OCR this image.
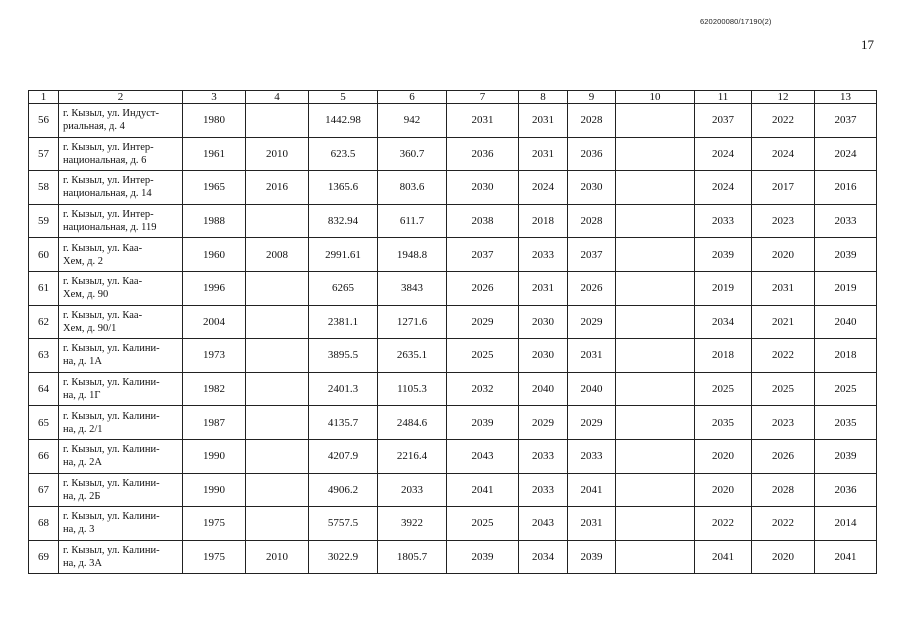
620200080/17190(2)
17
1	2	3	4	5	6	7	8	9	10	11	12	13
56	г. Кызыл, ул. Индуст-
риальная, д. 4	1980		1442.98	942	2031	2031	2028		2037	2022	2037
57	г. Кызыл, ул. Интер-
национальная, д. 6	1961	2010	623.5	360.7	2036	2031	2036		2024	2024	2024
58	г. Кызыл, ул. Интер-
национальная, д. 14	1965	2016	1365.6	803.6	2030	2024	2030		2024	2017	2016
59	г. Кызыл, ул. Интер-
национальная, д. 119	1988		832.94	611.7	2038	2018	2028		2033	2023	2033
60	г. Кызыл, ул. Каа-
Хем, д. 2	1960	2008	2991.61	1948.8	2037	2033	2037		2039	2020	2039
61	г. Кызыл, ул. Каа-
Хем, д. 90	1996		6265	3843	2026	2031	2026		2019	2031	2019
62	г. Кызыл, ул. Каа-
Хем, д. 90/1	2004		2381.1	1271.6	2029	2030	2029		2034	2021	2040
63	г. Кызыл, ул. Калини-
на, д. 1А	1973		3895.5	2635.1	2025	2030	2031		2018	2022	2018
64	г. Кызыл, ул. Калини-
на, д. 1Г	1982		2401.3	1105.3	2032	2040	2040		2025	2025	2025
65	г. Кызыл, ул. Калини-
на, д. 2/1	1987		4135.7	2484.6	2039	2029	2029		2035	2023	2035
66	г. Кызыл, ул. Калини-
на, д. 2А	1990		4207.9	2216.4	2043	2033	2033		2020	2026	2039
67	г. Кызыл, ул. Калини-
на, д. 2Б	1990		4906.2	2033	2041	2033	2041		2020	2028	2036
68	г. Кызыл, ул. Калини-
на, д. 3	1975		5757.5	3922	2025	2043	2031		2022	2022	2014
69	г. Кызыл, ул. Калини-
на, д. 3А	1975	2010	3022.9	1805.7	2039	2034	2039		2041	2020	2041
